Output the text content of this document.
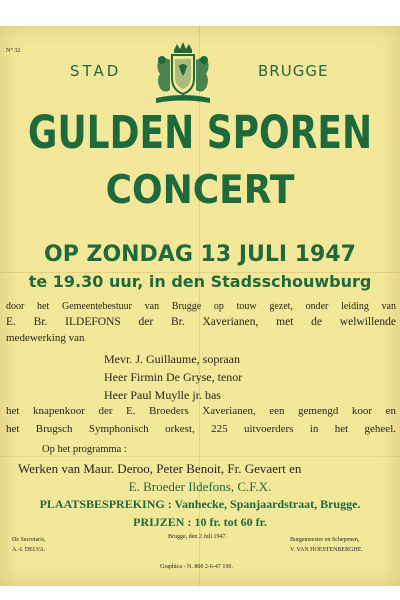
N° 32
STAD	BRUGGE
GULDEN SPOREN
CONCERT
OP ZONDAG 13 JULI 1947
te 19.30 uur, in den Stadsschouwburg
door het Gemeentebestuur van Brugge op touw gezet, onder leiding van
E. Br. ILDEFONS der Br. Xaverianen, met de welwillende
medewerking van
Mevr. J. Guillaume, sopraan
Heer Firmin De Gryse, tenor
Heer Paul Muylle jr. bas
het knapenkoor der E. Broeders Xaverianen, een gemengd koor en
het Brugsch Symphonisch orkest, 225 uitvoerders in het geheel.
Op het programma :
Werken van Maur. Deroo, Peter Benoit, Fr. Gevaert en
E. Broeder Ildefons, C.F.X.
PLAATSBESPREKING : Vanhecke, Spanjaardstraat, Brugge.
PRIJZEN : 10 fr. tot 60 fr.
De Secretaris,
A.-I. DELVA.
Brugge, den 2 Juli 1947.	Burgemeester en Schepenen,
V. VAN HOESTENBERGHE.
Graphica - N. 800 2-6-47 190.
